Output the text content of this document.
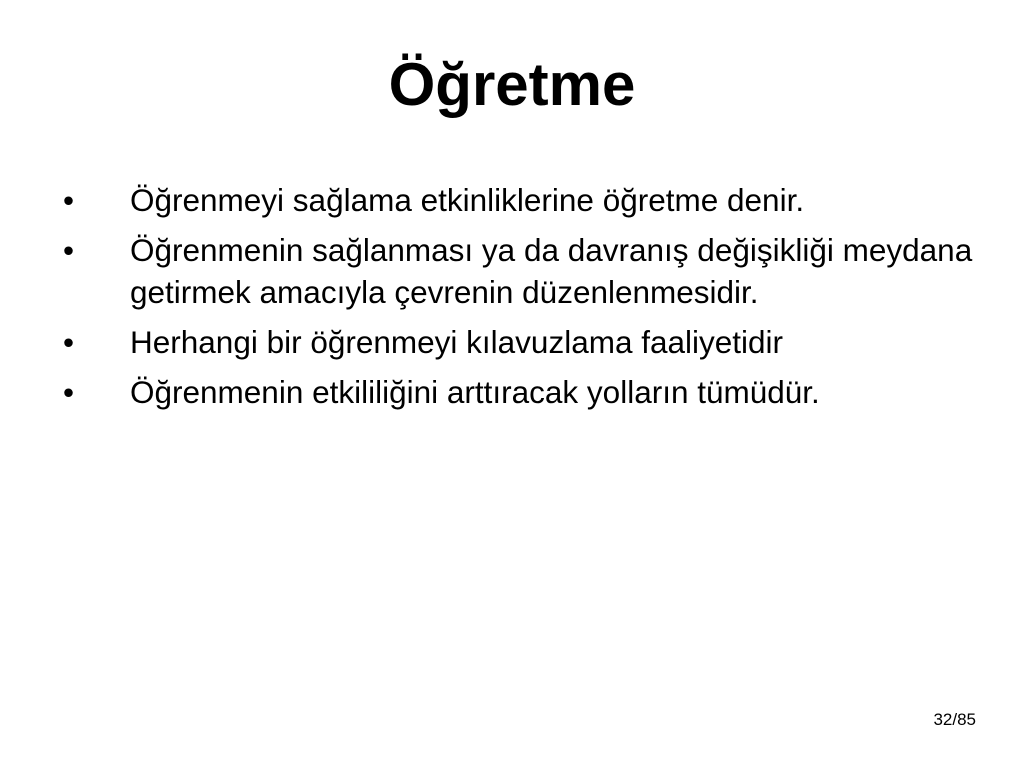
Öğretme
• Öğrenmeyi sağlama etkinliklerine öğretme denir.
• Öğrenmenin sağlanması ya da davranış değişikliği meydana getirmek amacıyla çevrenin düzenlenmesidir.
• Herhangi bir öğrenmeyi kılavuzlama faaliyetidir
• Öğrenmenin etkililiğini arttıracak yolların tümüdür.
32/85
